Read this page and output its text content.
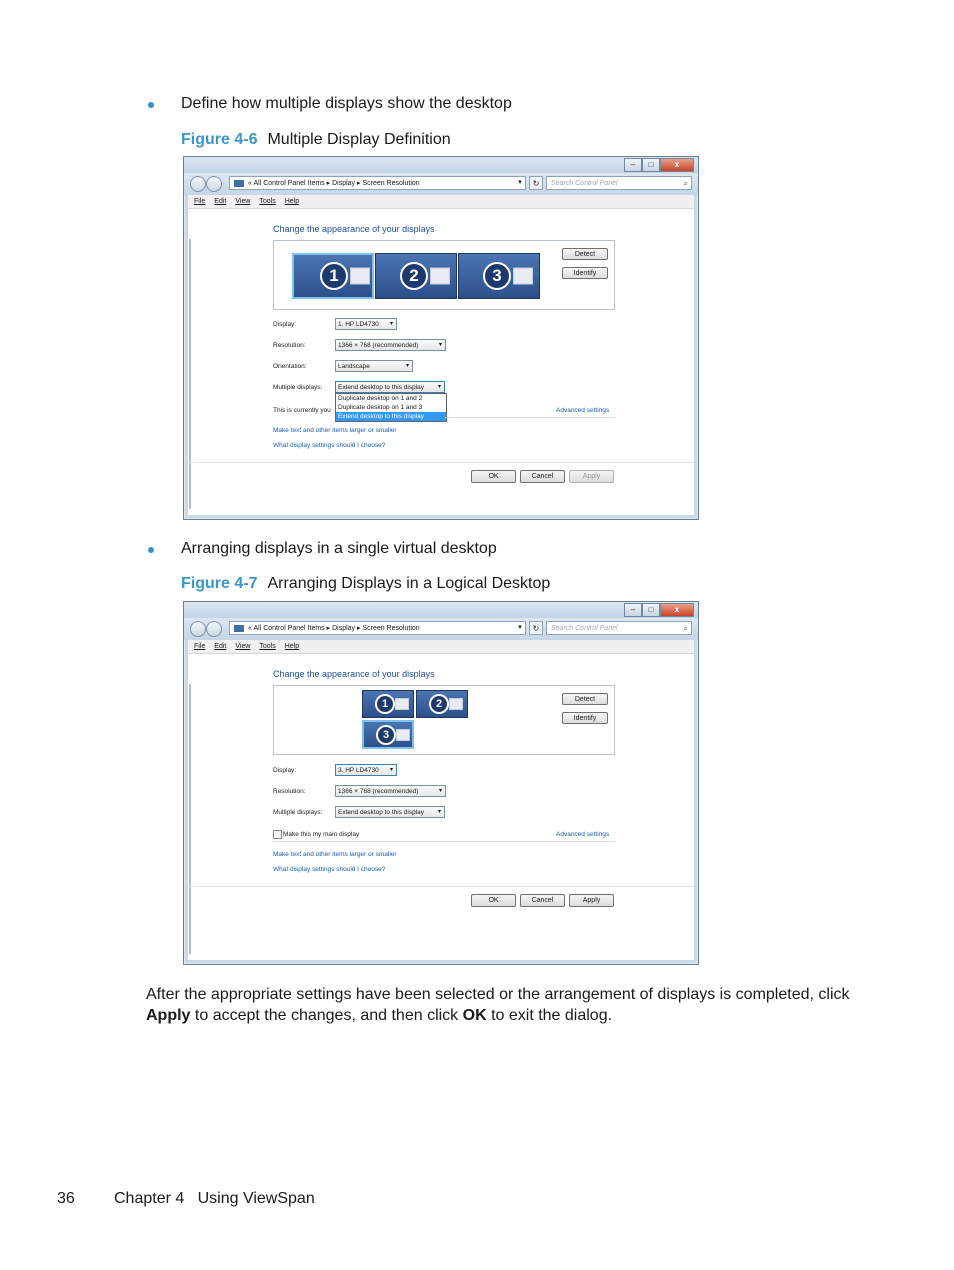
Define how multiple displays show the desktop
Figure 4-6 Multiple Display Definition
–	□	x
« All Control Panel Items ▸ Display ▸ Screen Resolution	▾	↻	Search Control Panel	⌕
File Edit View Tools Help
Change the appearance of your displays
1	2	3
Detect
Identify
Display:	1. HP LD4730 ▾
Resolution:	1366 × 768 (recommended)	▾
Orientation:	Landscape	▾
Multiple displays:	Extend desktop to this display ▾
This is currently you
Duplicate desktop on 1 and 2
Duplicate desktop on 1 and 3
Extend desktop to this display
Advanced settings
Make text and other items larger or smaller
What display settings should I choose?
OK	Cancel	Apply
Arranging displays in a single virtual desktop
Figure 4-7 Arranging Displays in a Logical Desktop
–	□	x
« All Control Panel Items ▸ Display ▸ Screen Resolution	▾	↻	Search Control Panel	⌕
File Edit View Tools Help
Change the appearance of your displays
1	2
3
Detect
Identify
Display:	3. HP LD4730 ▾
Resolution:	1366 × 768 (recommended)	▾
Multiple displays:	Extend desktop to this display ▾
Make this my main display	Advanced settings
Make text and other items larger or smaller
What display settings should I choose?
OK	Cancel	Apply
After the appropriate settings have been selected or the arrangement of displays is completed, click
Apply to accept the changes, and then click OK to exit the dialog.
36 Chapter 4   Using ViewSpan
